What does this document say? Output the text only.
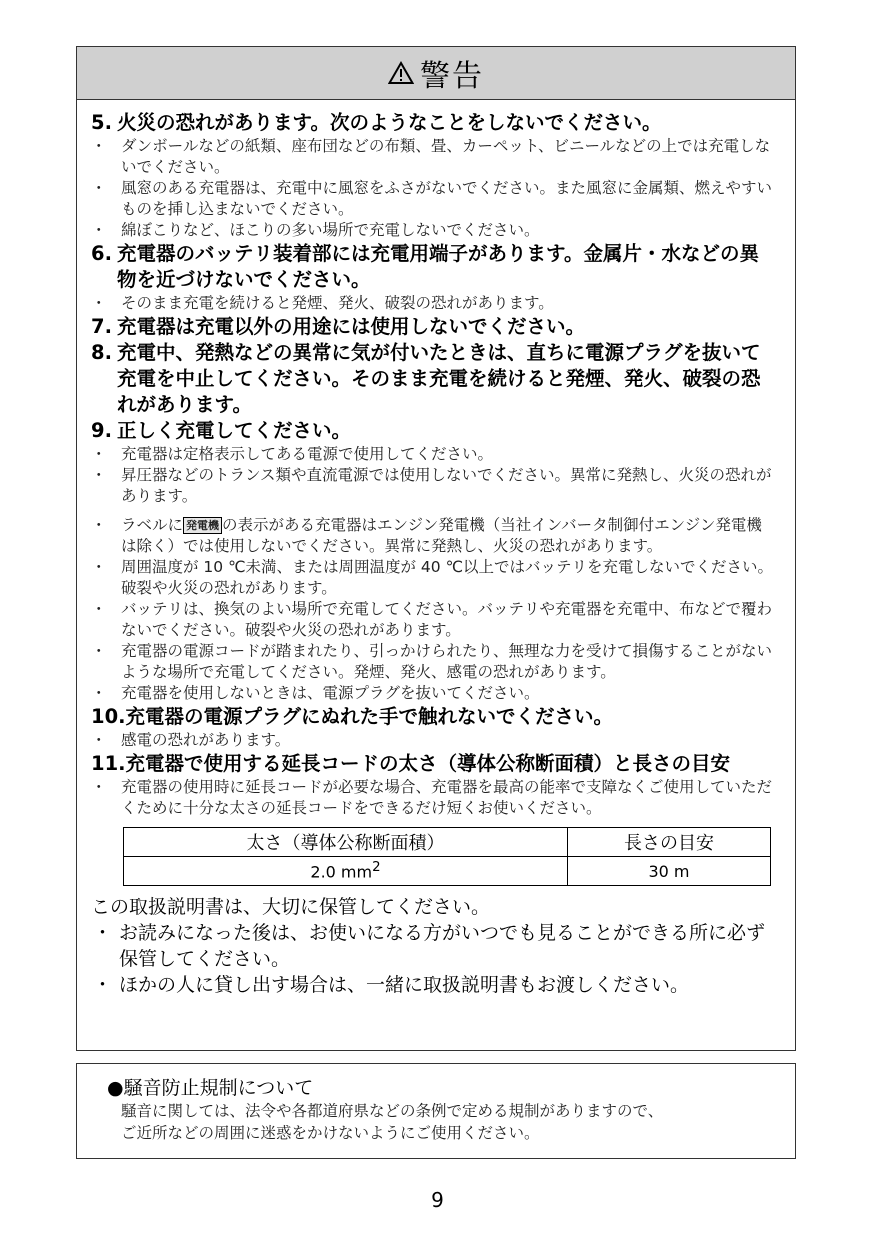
警告
5. 火災の恐れがあります。次のようなことをしないでください。
・ ダンボールなどの紙類、座布団などの布類、畳、カーペット、ビニールなどの上では充電しないでください。
・ 風窓のある充電器は、充電中に風窓をふさがないでください。また風窓に金属類、燃えやすいものを挿し込まないでください。
・ 綿ぼこりなど、ほこりの多い場所で充電しないでください。
6. 充電器のバッテリ装着部には充電用端子があります。金属片・水などの異物を近づけないでください。
・ そのまま充電を続けると発煙、発火、破裂の恐れがあります。
7. 充電器は充電以外の用途には使用しないでください。
8. 充電中、発熱などの異常に気が付いたときは、直ちに電源プラグを抜いて充電を中止してください。そのまま充電を続けると発煙、発火、破裂の恐れがあります。
9. 正しく充電してください。
・ 充電器は定格表示してある電源で使用してください。
・ 昇圧器などのトランス類や直流電源では使用しないでください。異常に発熱し、火災の恐れがあります。
・ ラベルに 発電機 の表示がある充電器はエンジン発電機（当社インバータ制御付エンジン発電機は除く）では使用しないでください。異常に発熱し、火災の恐れがあります。
・ 周囲温度が 10 ℃未満、または周囲温度が 40 ℃以上ではバッテリを充電しないでください。破裂や火災の恐れがあります。
・ バッテリは、換気のよい場所で充電してください。バッテリや充電器を充電中、布などで覆わないでください。破裂や火災の恐れがあります。
・ 充電器の電源コードが踏まれたり、引っかけられたり、無理な力を受けて損傷することがないような場所で充電してください。発煙、発火、感電の恐れがあります。
・ 充電器を使用しないときは、電源プラグを抜いてください。
10. 充電器の電源プラグにぬれた手で触れないでください。
・ 感電の恐れがあります。
11. 充電器で使用する延長コードの太さ（導体公称断面積）と長さの目安
・ 充電器の使用時に延長コードが必要な場合、充電器を最高の能率で支障なくご使用していただくために十分な太さの延長コードをできるだけ短くお使いください。
太さ（導体公称断面積）	長さの目安
2.0 $mm^2$	30 m
この取扱説明書は、大切に保管してください。
・ お読みになった後は、お使いになる方がいつでも見ることができる所に必ず保管してください。
・ ほかの人に貸し出す場合は、一緒に取扱説明書もお渡しください。
●騒音防止規制について
騒音に関しては、法令や各都道府県などの条例で定める規制がありますので、
ご近所などの周囲に迷惑をかけないようにご使用ください。
9
